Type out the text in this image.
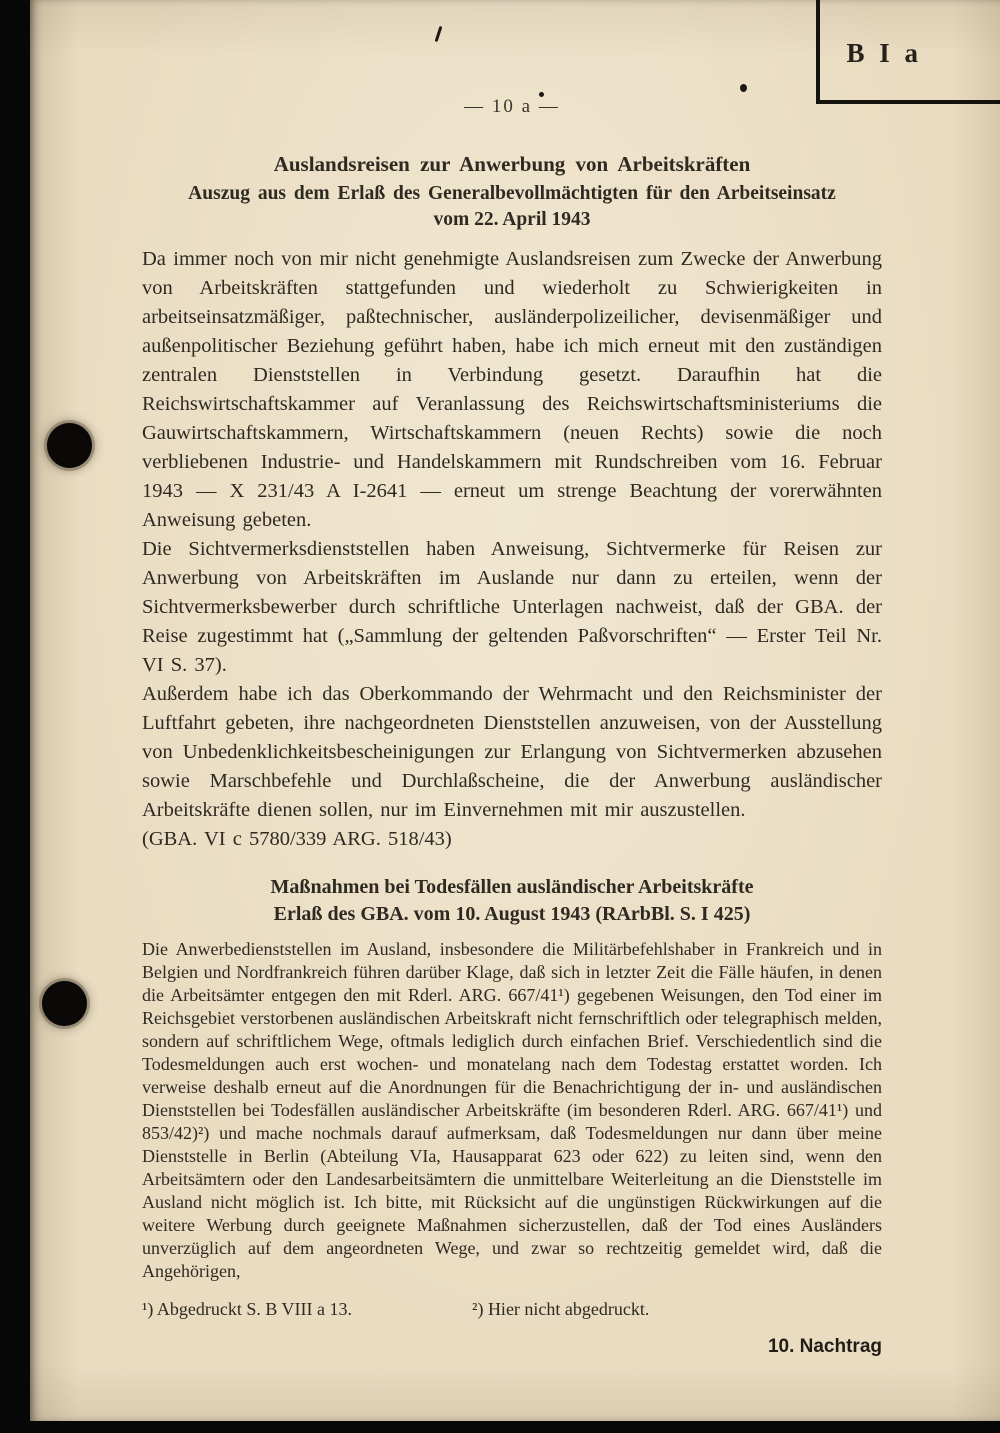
B I a

— 10 a —

Auslandsreisen zur Anwerbung von Arbeitskräften
Auszug aus dem Erlaß des Generalbevollmächtigten für den Arbeitseinsatz
vom 22. April 1943

Da immer noch von mir nicht genehmigte Auslandsreisen zum Zwecke der Anwerbung von Arbeitskräften stattgefunden und wiederholt zu Schwierigkeiten in arbeitseinsatzmäßiger, paßtechnischer, ausländerpolizeilicher, devisenmäßiger und außenpolitischer Beziehung geführt haben, habe ich mich erneut mit den zuständigen zentralen Dienststellen in Verbindung gesetzt. Daraufhin hat die Reichswirtschaftskammer auf Veranlassung des Reichswirtschaftsministeriums die Gauwirtschaftskammern, Wirtschaftskammern (neuen Rechts) sowie die noch verbliebenen Industrie- und Handelskammern mit Rundschreiben vom 16. Februar 1943 — X 231/43 A I-2641 — erneut um strenge Beachtung der vorerwähnten Anweisung gebeten.

Die Sichtvermerksdienststellen haben Anweisung, Sichtvermerke für Reisen zur Anwerbung von Arbeitskräften im Auslande nur dann zu erteilen, wenn der Sichtvermerksbewerber durch schriftliche Unterlagen nachweist, daß der GBA. der Reise zugestimmt hat („Sammlung der geltenden Paßvorschriften“ — Erster Teil Nr. VI S. 37).

Außerdem habe ich das Oberkommando der Wehrmacht und den Reichsminister der Luftfahrt gebeten, ihre nachgeordneten Dienststellen anzuweisen, von der Ausstellung von Unbedenklichkeitsbescheinigungen zur Erlangung von Sichtvermerken abzusehen sowie Marschbefehle und Durchlaßscheine, die der Anwerbung ausländischer Arbeitskräfte dienen sollen, nur im Einvernehmen mit mir auszustellen.

(GBA. VI c 5780/339 ARG. 518/43)

Maßnahmen bei Todesfällen ausländischer Arbeitskräfte
Erlaß des GBA. vom 10. August 1943 (RArbBl. S. I 425)

Die Anwerbedienststellen im Ausland, insbesondere die Militärbefehlshaber in Frankreich und in Belgien und Nordfrankreich führen darüber Klage, daß sich in letzter Zeit die Fälle häufen, in denen die Arbeitsämter entgegen den mit Rderl. ARG. 667/41¹) gegebenen Weisungen, den Tod einer im Reichsgebiet verstorbenen ausländischen Arbeitskraft nicht fernschriftlich oder telegraphisch melden, sondern auf schriftlichem Wege, oftmals lediglich durch einfachen Brief. Verschiedentlich sind die Todesmeldungen auch erst wochen- und monatelang nach dem Todestag erstattet worden. Ich verweise deshalb erneut auf die Anordnungen für die Benachrichtigung der in- und ausländischen Dienststellen bei Todesfällen ausländischer Arbeitskräfte (im besonderen Rderl. ARG. 667/41¹) und 853/42)²) und mache nochmals darauf aufmerksam, daß Todesmeldungen nur dann über meine Dienststelle in Berlin (Abteilung VIa, Hausapparat 623 oder 622) zu leiten sind, wenn den Arbeitsämtern oder den Landesarbeitsämtern die unmittelbare Weiterleitung an die Dienststelle im Ausland nicht möglich ist. Ich bitte, mit Rücksicht auf die ungünstigen Rückwirkungen auf die weitere Werbung durch geeignete Maßnahmen sicherzustellen, daß der Tod eines Ausländers unverzüglich auf dem angeordneten Wege, und zwar so rechtzeitig gemeldet wird, daß die Angehörigen,

¹) Abgedruckt S. B VIII a 13.	²) Hier nicht abgedruckt.

10. Nachtrag
